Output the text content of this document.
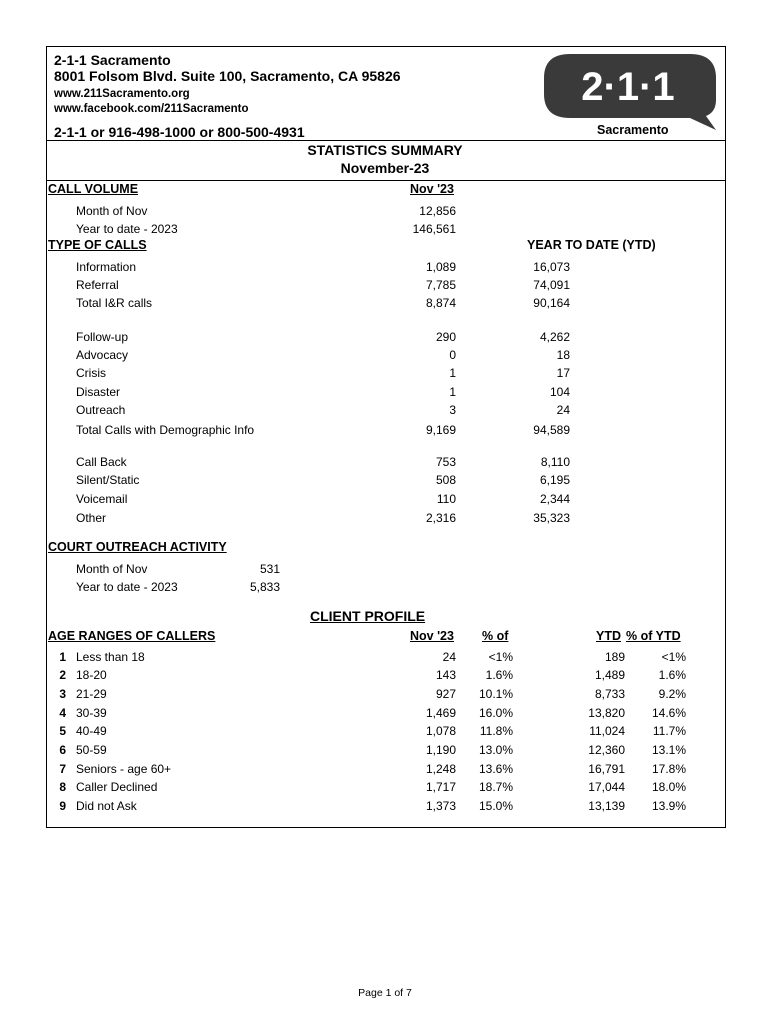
2-1-1 Sacramento
8001 Folsom Blvd. Suite 100, Sacramento, CA 95826
www.211Sacramento.org
www.facebook.com/211Sacramento
2-1-1 or 916-498-1000 or 800-500-4931
2·1·1
Sacramento
STATISTICS SUMMARY
November-23
CALL VOLUME	Nov '23
Month of Nov	12,856
Year to date - 2023	146,561
TYPE OF CALLS	YEAR TO DATE (YTD)
Information	1,089	16,073
Referral	7,785	74,091
Total I&R calls	8,874	90,164
Follow-up	290	4,262
Advocacy	0	18
Crisis	1	17
Disaster	1	104
Outreach	3	24
Total Calls with Demographic Info	9,169	94,589
Call Back	753	8,110
Silent/Static	508	6,195
Voicemail	110	2,344
Other	2,316	35,323
COURT OUTREACH ACTIVITY
Month of Nov	531
Year to date - 2023	5,833
CLIENT PROFILE
AGE RANGES OF CALLERS	Nov '23 % of	YTD % of YTD
1 Less than 18	24	<1%	189	<1%
2 18-20	143	1.6%	1,489	1.6%
3 21-29	927	10.1%	8,733	9.2%
4 30-39	1,469	16.0%	13,820	14.6%
5 40-49	1,078	11.8%	11,024	11.7%
6 50-59	1,190	13.0%	12,360	13.1%
7 Seniors - age 60+	1,248	13.6%	16,791	17.8%
8 Caller Declined	1,717	18.7%	17,044	18.0%
9 Did not Ask	1,373	15.0%	13,139	13.9%
Page 1 of 7
